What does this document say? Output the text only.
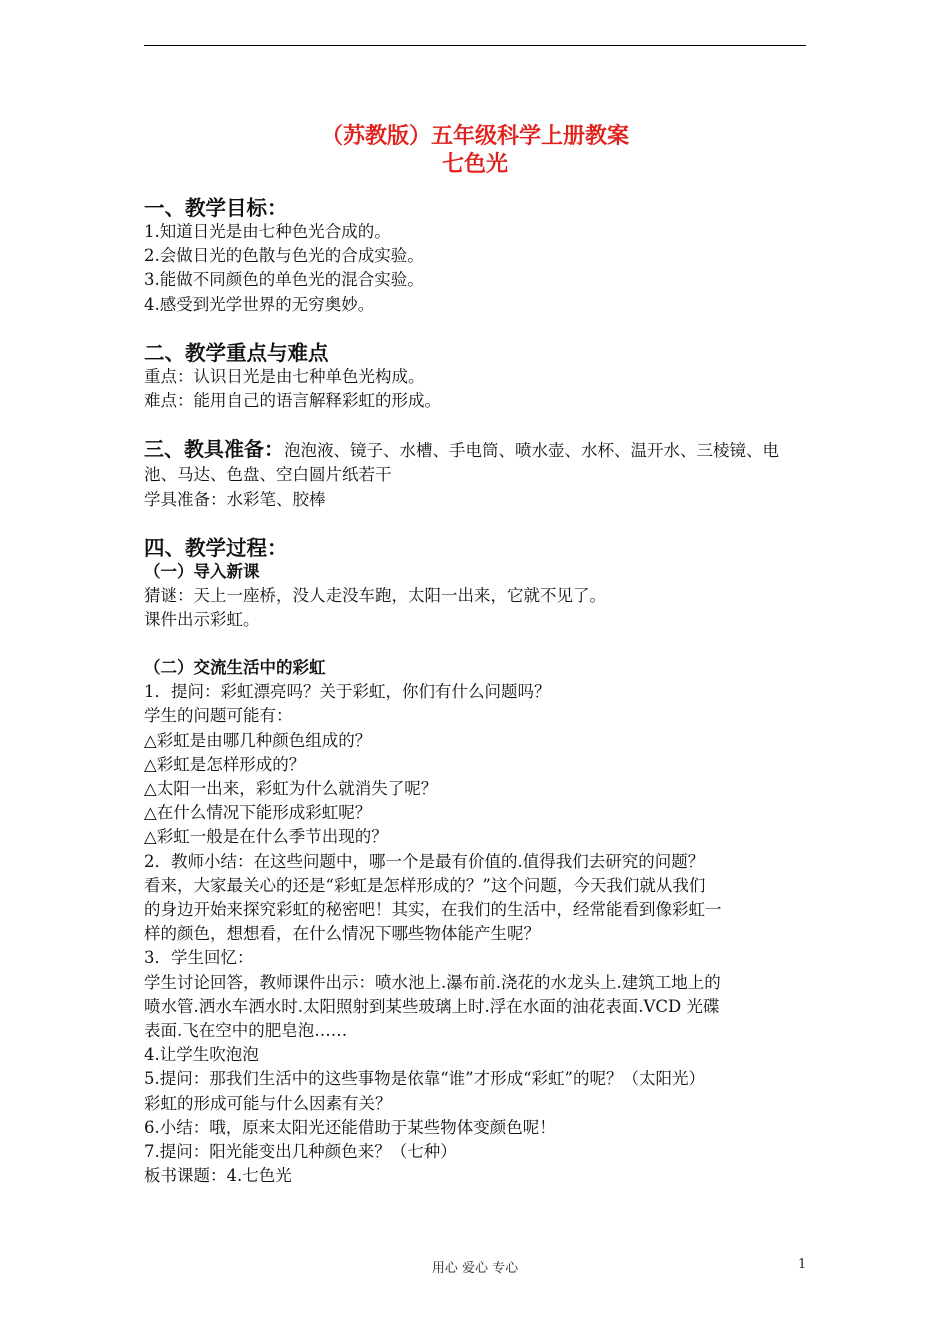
（苏教版）五年级科学上册教案
七色光
一、教学目标：
1.知道日光是由七种色光合成的。
2.会做日光的色散与色光的合成实验。
3.能做不同颜色的单色光的混合实验。
4.感受到光学世界的无穷奥妙。
二、教学重点与难点
重点：认识日光是由七种单色光构成。
难点：能用自己的语言解释彩虹的形成。
三、教具准备：泡泡液、镜子、水槽、手电筒、喷水壶、水杯、温开水、三棱镜、电
池、马达、色盘、空白圆片纸若干
学具准备：水彩笔、胶棒
四、教学过程：
（一）导入新课
猜谜：天上一座桥，没人走没车跑，太阳一出来，它就不见了。
课件出示彩虹。
（二）交流生活中的彩虹
1．提问：彩虹漂亮吗？关于彩虹，你们有什么问题吗？
学生的问题可能有：
△彩虹是由哪几种颜色组成的？
△彩虹是怎样形成的？
△太阳一出来，彩虹为什么就消失了呢？
△在什么情况下能形成彩虹呢？
△彩虹一般是在什么季节出现的？
2．教师小结：在这些问题中，哪一个是最有价值的.值得我们去研究的问题？
看来，大家最关心的还是“彩虹是怎样形成的？”这个问题，今天我们就从我们
的身边开始来探究彩虹的秘密吧！其实，在我们的生活中，经常能看到像彩虹一
样的颜色，想想看，在什么情况下哪些物体能产生呢？
3．学生回忆：
学生讨论回答，教师课件出示：喷水池上.瀑布前.浇花的水龙头上.建筑工地上的
喷水管.洒水车洒水时.太阳照射到某些玻璃上时.浮在水面的油花表面.VCD 光碟
表面.飞在空中的肥皂泡……
4.让学生吹泡泡
5.提问：那我们生活中的这些事物是依靠“谁”才形成“彩虹”的呢？（太阳光）
彩虹的形成可能与什么因素有关？
6.小结：哦，原来太阳光还能借助于某些物体变颜色呢！
7.提问：阳光能变出几种颜色来？（七种）
板书课题：4.七色光
用心 爱心 专心	1
